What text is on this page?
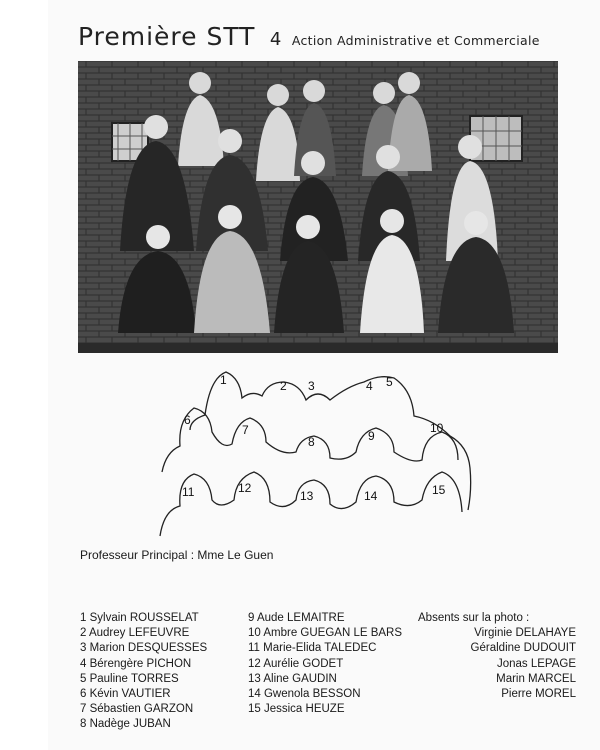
Première STT 4 Action Administrative et Commerciale
1	2 3	4 5
6
7
8	9
10
11	12
13	14	15
Professeur Principal : Mme Le Guen
1 Sylvain ROUSSELAT
2 Audrey LEFEUVRE
3 Marion DESQUESSES
4 Bérengère PICHON
5 Pauline TORRES
6 Kévin VAUTIER
7 Sébastien GARZON
8 Nadège JUBAN
9 Aude LEMAITRE
10 Ambre GUEGAN LE BARS
11 Marie-Elida TALEDEC
12 Aurélie GODET
13 Aline GAUDIN
14 Gwenola BESSON
15 Jessica HEUZE
Absents sur la photo :
Virginie DELAHAYE
Géraldine DUDOUIT
Jonas LEPAGE
Marin MARCEL
Pierre MOREL
